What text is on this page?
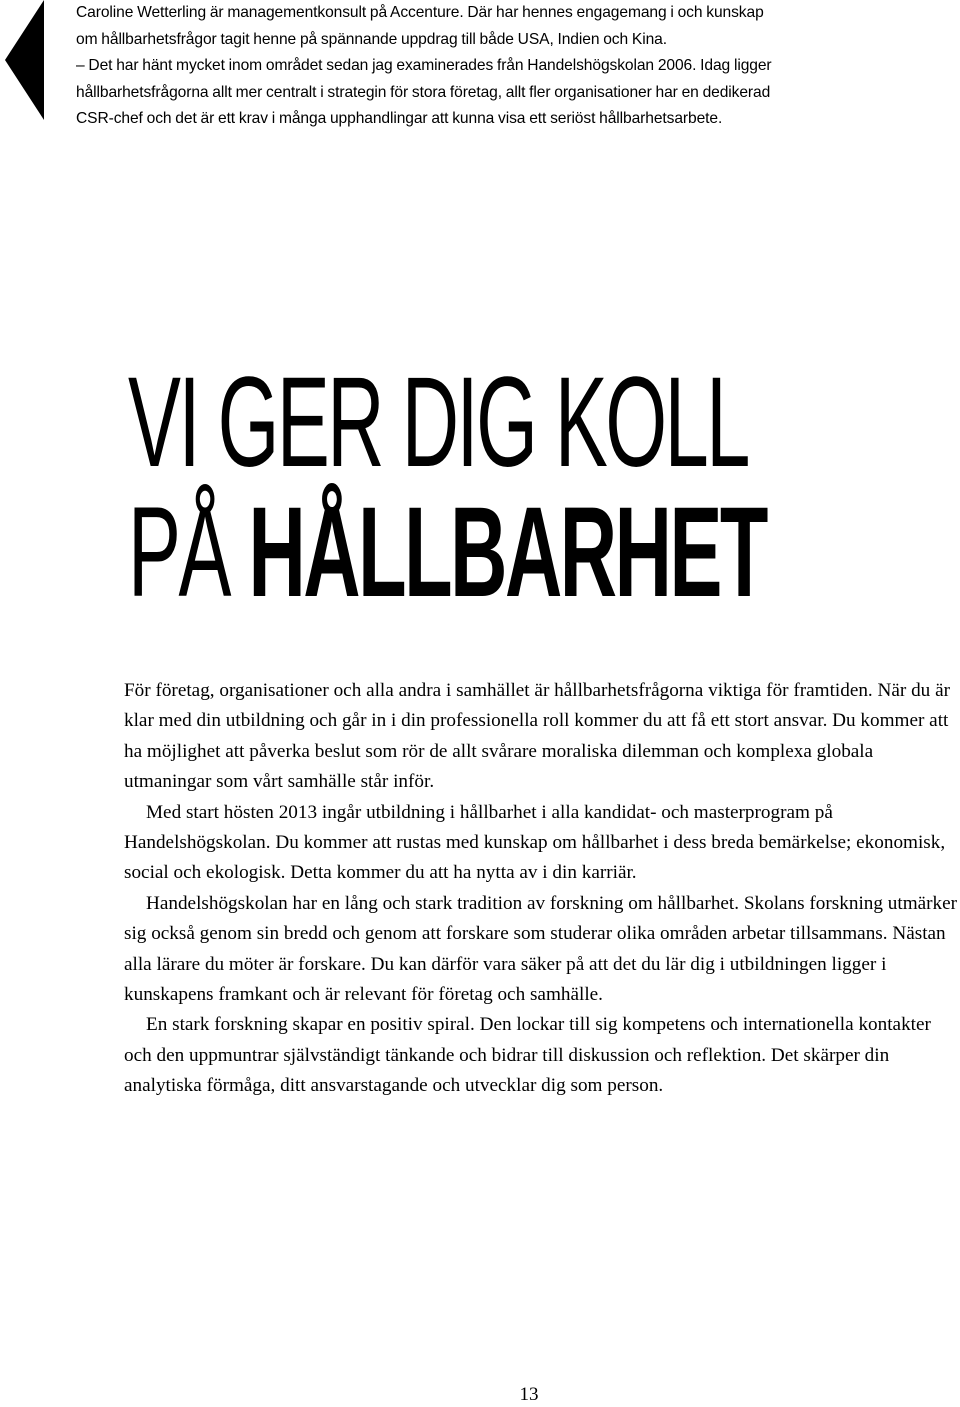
Caroline Wetterling är managementkonsult på Accenture. Där har hennes engagemang i och kunskap
om hållbarhetsfrågor tagit henne på spännande uppdrag till både USA, Indien och Kina.
– Det har hänt mycket inom området sedan jag examinerades från Handelshögskolan 2006. Idag ligger
hållbarhetsfrågorna allt mer centralt i strategin för stora företag, allt fler organisationer har en dedikerad
CSR-chef och det är ett krav i många upphandlingar att kunna visa ett seriöst hållbarhetsarbete.

VI GER DIG KOLL
PÅ HÅLLBARHET

För företag, organisationer och alla andra i samhället är hållbarhetsfrågorna viktiga för framtiden. När du är klar med din utbildning och går in i din professionella roll kommer du att få ett stort ansvar. Du kommer att ha möjlighet att påverka beslut som rör de allt svårare moraliska dilemman och komplexa globala utmaningar som vårt samhälle står inför.

Med start hösten 2013 ingår utbildning i hållbarhet i alla kandidat- och masterprogram på Handelshögskolan. Du kommer att rustas med kunskap om hållbarhet i dess breda bemärkelse; ekonomisk, social och ekologisk. Detta kommer du att ha nytta av i din karriär.

Handelshögskolan har en lång och stark tradition av forskning om hållbarhet. Skolans forskning utmärker sig också genom sin bredd och genom att forskare som studerar olika områden arbetar tillsammans. Nästan alla lärare du möter är forskare. Du kan därför vara säker på att det du lär dig i utbildningen ligger i kunskapens framkant och är relevant för företag och samhälle.

En stark forskning skapar en positiv spiral. Den lockar till sig kompetens och internationella kontakter och den uppmuntrar självständigt tänkande och bidrar till diskussion och reflektion. Det skärper din analytiska förmåga, ditt ansvarstagande och utvecklar dig som person.

13
